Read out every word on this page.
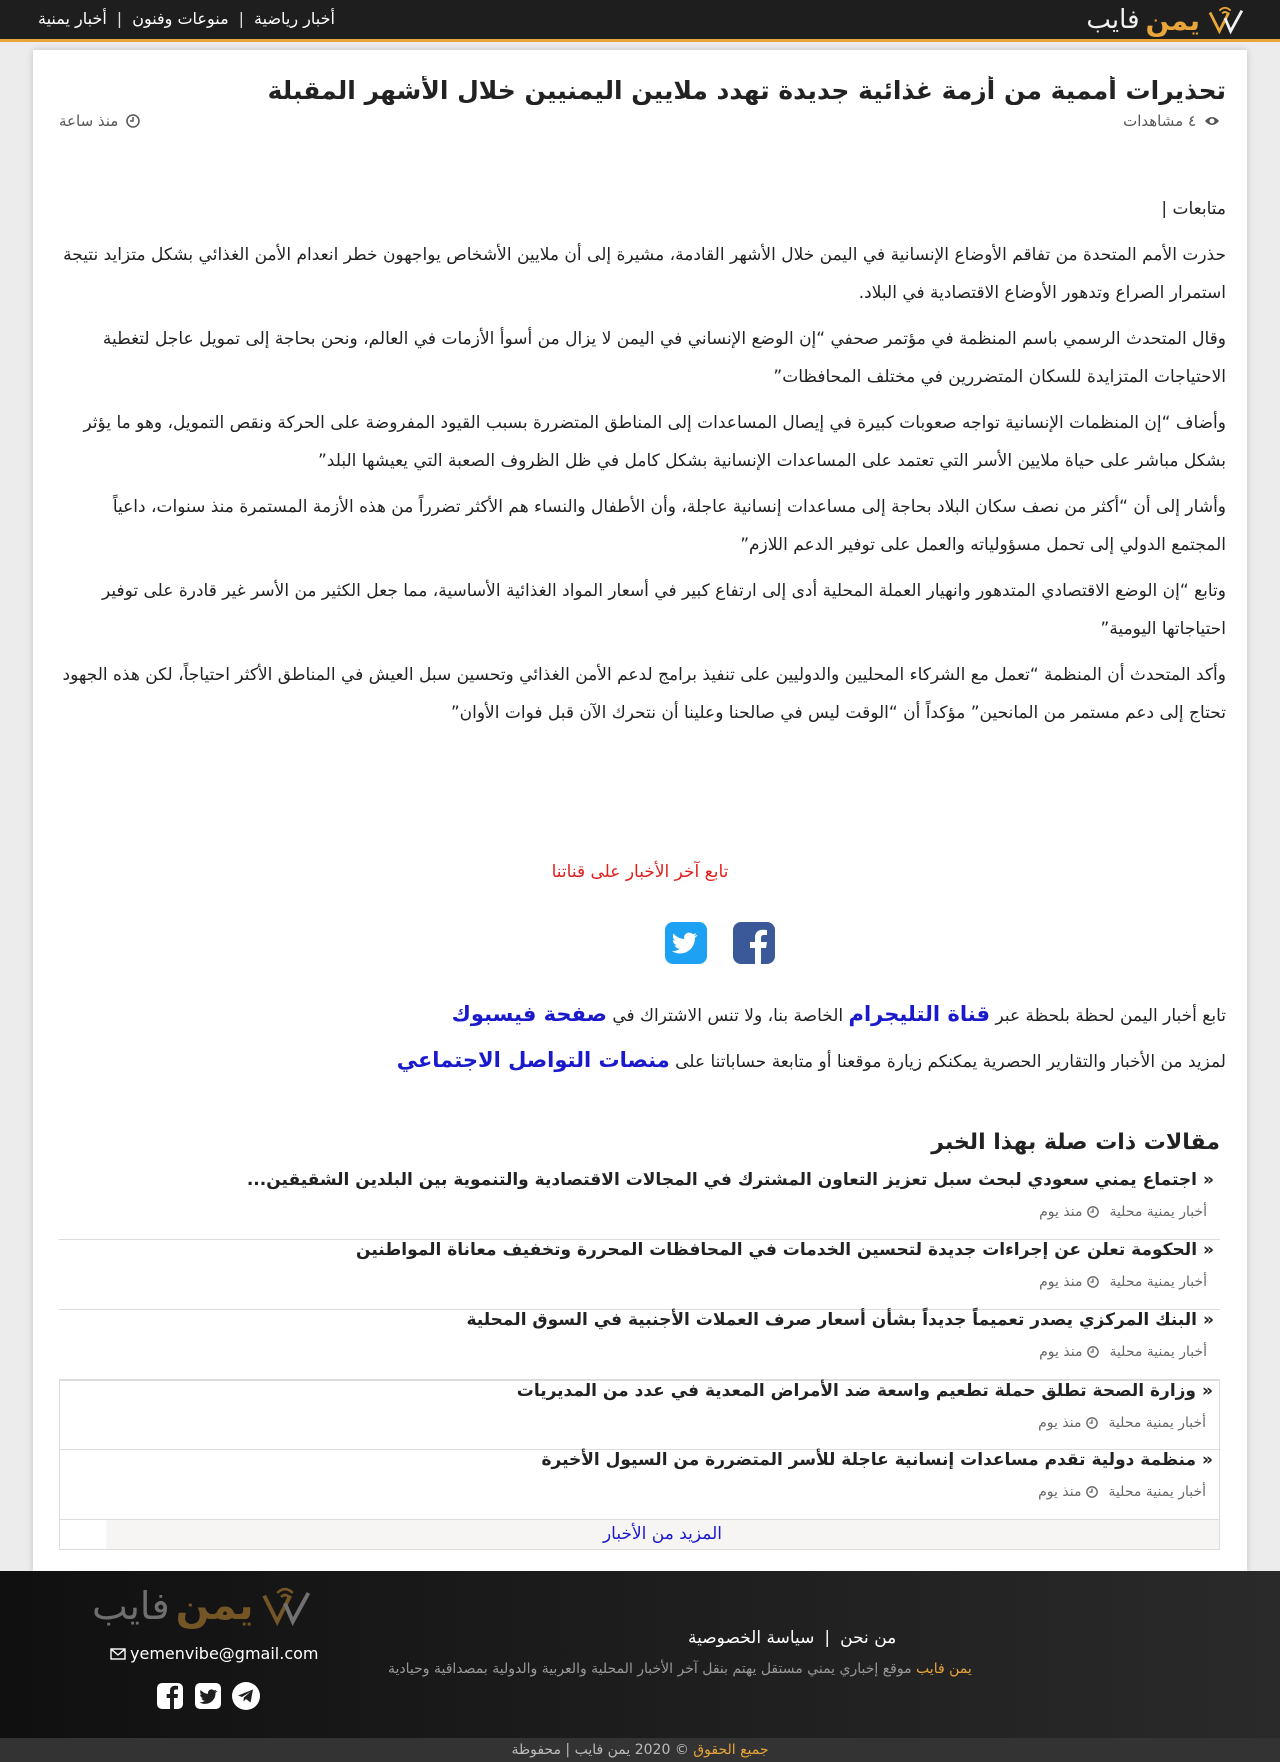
يمن
فايب
أخبار رياضية
|
منوعات وفنون
|
أخبار يمنية
تحذيرات أممية من أزمة غذائية جديدة تهدد ملايين اليمنيين خلال الأشهر المقبلة
٤ مشاهدات
منذ ساعة

متابعات |

حذرت الأمم المتحدة من تفاقم الأوضاع الإنسانية في اليمن خلال الأشهر القادمة، مشيرة إلى أن ملايين الأشخاص يواجهون خطر انعدام الأمن الغذائي بشكل متزايد نتيجة استمرار الصراع وتدهور الأوضاع الاقتصادية في البلاد.

وقال المتحدث الرسمي باسم المنظمة في مؤتمر صحفي “إن الوضع الإنساني في اليمن لا يزال من أسوأ الأزمات في العالم، ونحن بحاجة إلى تمويل عاجل لتغطية الاحتياجات المتزايدة للسكان المتضررين في مختلف المحافظات”

وأضاف “إن المنظمات الإنسانية تواجه صعوبات كبيرة في إيصال المساعدات إلى المناطق المتضررة بسبب القيود المفروضة على الحركة ونقص التمويل، وهو ما يؤثر بشكل مباشر على حياة ملايين الأسر التي تعتمد على المساعدات الإنسانية بشكل كامل في ظل الظروف الصعبة التي يعيشها البلد”

وأشار إلى أن “أكثر من نصف سكان البلاد بحاجة إلى مساعدات إنسانية عاجلة، وأن الأطفال والنساء هم الأكثر تضرراً من هذه الأزمة المستمرة منذ سنوات، داعياً المجتمع الدولي إلى تحمل مسؤولياته والعمل على توفير الدعم اللازم”

وتابع “إن الوضع الاقتصادي المتدهور وانهيار العملة المحلية أدى إلى ارتفاع كبير في أسعار المواد الغذائية الأساسية، مما جعل الكثير من الأسر غير قادرة على توفير احتياجاتها اليومية”

وأكد المتحدث أن المنظمة “تعمل مع الشركاء المحليين والدوليين على تنفيذ برامج لدعم الأمن الغذائي وتحسين سبل العيش في المناطق الأكثر احتياجاً، لكن هذه الجهود تحتاج إلى دعم مستمر من المانحين” مؤكداً أن “الوقت ليس في صالحنا وعلينا أن نتحرك الآن قبل فوات الأوان”

تابع آخر الأخبار على قناتنا
تابع أخبار اليمن لحظة بلحظة عبر قناة التليجرام الخاصة بنا، ولا تنس الاشتراك في صفحة فيسبوك
لمزيد من الأخبار والتقارير الحصرية يمكنكم زيارة موقعنا أو متابعة حساباتنا على منصات التواصل الاجتماعي
مقالات ذات صلة بهذا الخبر
«
اجتماع يمني سعودي لبحث سبل تعزيز التعاون المشترك في المجالات الاقتصادية والتنموية بين البلدين الشقيقين...
أخبار يمنية محلية
منذ يوم
«
الحكومة تعلن عن إجراءات جديدة لتحسين الخدمات في المحافظات المحررة وتخفيف معاناة المواطنين
أخبار يمنية محلية
منذ يوم
«
البنك المركزي يصدر تعميماً جديداً بشأن أسعار صرف العملات الأجنبية في السوق المحلية
أخبار يمنية محلية
منذ يوم
«
وزارة الصحة تطلق حملة تطعيم واسعة ضد الأمراض المعدية في عدد من المديريات
أخبار يمنية محلية
منذ يوم
«
منظمة دولية تقدم مساعدات إنسانية عاجلة للأسر المتضررة من السيول الأخيرة
أخبار يمنية محلية
منذ يوم
المزيد من الأخبار
يمن
فايب
yemenvibe@gmail.com
من نحن
|
سياسة الخصوصية
يمن فايب موقع إخباري يمني مستقل يهتم بنقل آخر الأخبار المحلية والعربية والدولية بمصداقية وحيادية
جميع الحقوق © 2020 يمن فايب | محفوظة
